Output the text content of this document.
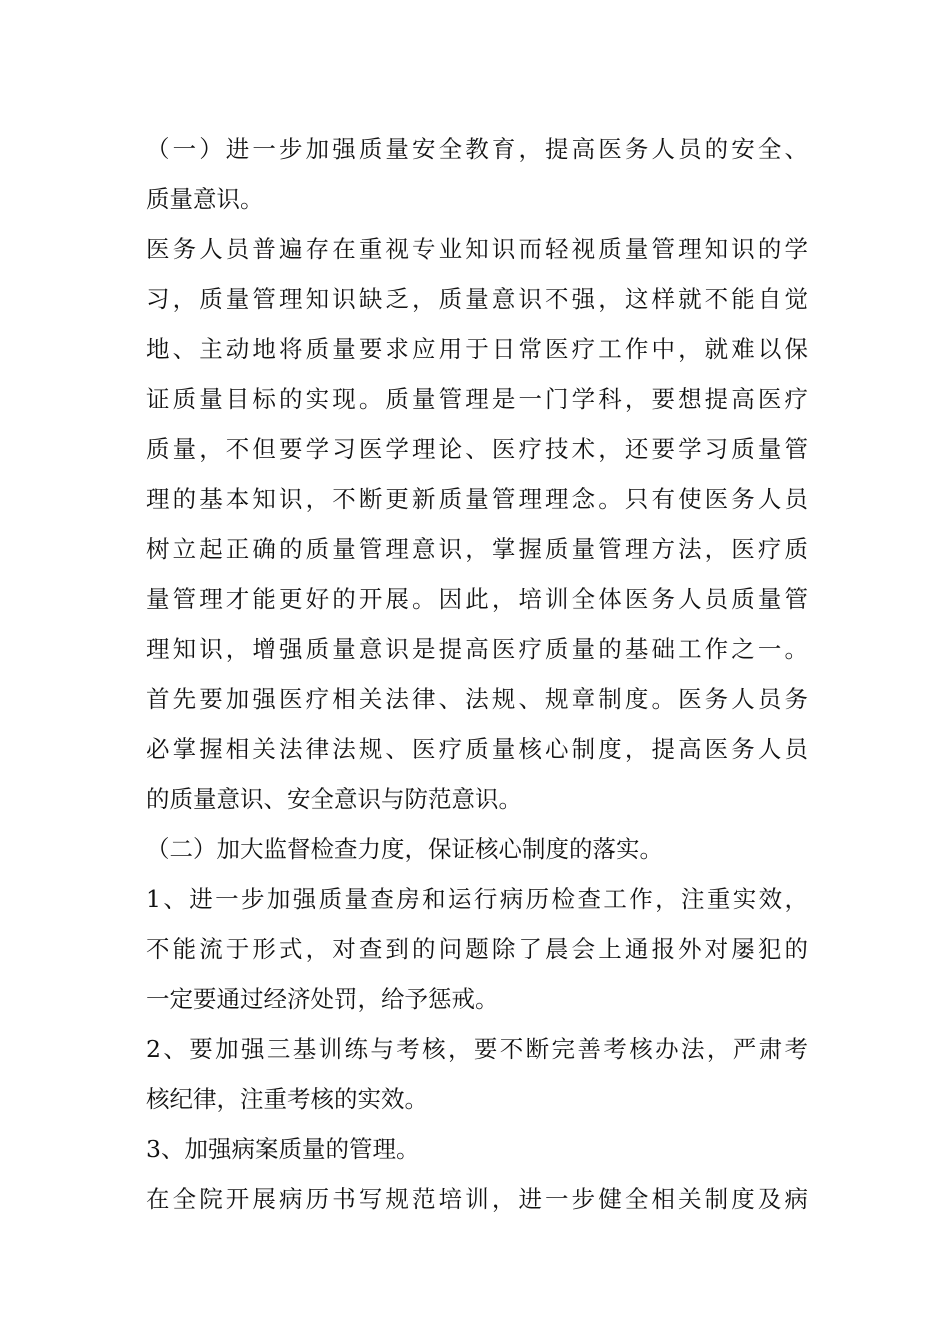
（一）进一步加强质量安全教育，提高医务人员的安全、
质量意识。
医务人员普遍存在重视专业知识而轻视质量管理知识的学
习，质量管理知识缺乏，质量意识不强，这样就不能自觉
地、主动地将质量要求应用于日常医疗工作中，就难以保
证质量目标的实现。质量管理是一门学科，要想提高医疗
质量，不但要学习医学理论、医疗技术，还要学习质量管
理的基本知识，不断更新质量管理理念。只有使医务人员
树立起正确的质量管理意识，掌握质量管理方法，医疗质
量管理才能更好的开展。因此，培训全体医务人员质量管
理知识，增强质量意识是提高医疗质量的基础工作之一。
首先要加强医疗相关法律、法规、规章制度。医务人员务
必掌握相关法律法规、医疗质量核心制度，提高医务人员
的质量意识、安全意识与防范意识。
（二）加大监督检查力度，保证核心制度的落实。
1、进一步加强质量查房和运行病历检查工作，注重实效，
不能流于形式，对查到的问题除了晨会上通报外对屡犯的
一定要通过经济处罚，给予惩戒。
2、要加强三基训练与考核，要不断完善考核办法，严肃考
核纪律，注重考核的实效。
3、加强病案质量的管理。
在全院开展病历书写规范培训，进一步健全相关制度及病
